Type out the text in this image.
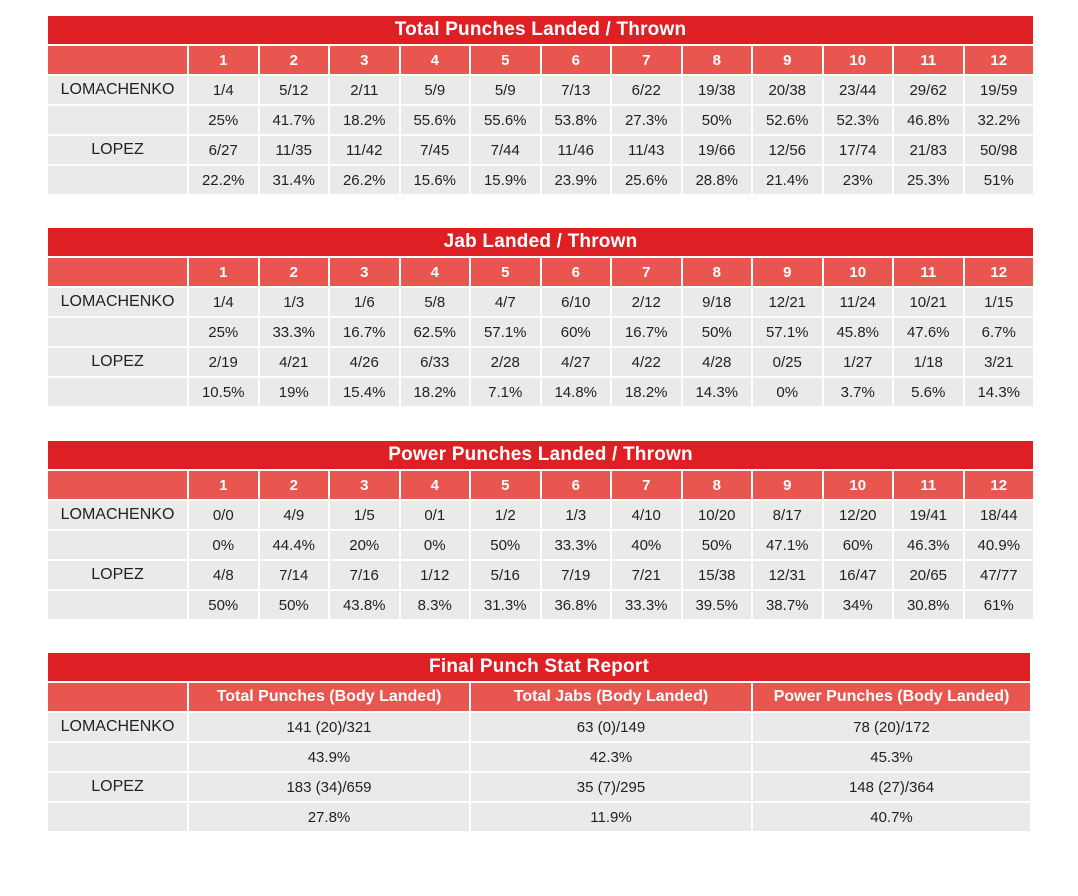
Total Punches Landed / Thrown												
	1	2	3	4	5	6	7	8	9	10	11	12
LOMACHENKO	1/4	5/12	2/11	5/9	5/9	7/13	6/22	19/38	20/38	23/44	29/62	19/59
	25%	41.7%	18.2%	55.6%	55.6%	53.8%	27.3%	50%	52.6%	52.3%	46.8%	32.2%
LOPEZ	6/27	11/35	11/42	7/45	7/44	11/46	11/43	19/66	12/56	17/74	21/83	50/98
	22.2%	31.4%	26.2%	15.6%	15.9%	23.9%	25.6%	28.8%	21.4%	23%	25.3%	51%
Jab Landed / Thrown												
	1	2	3	4	5	6	7	8	9	10	11	12
LOMACHENKO	1/4	1/3	1/6	5/8	4/7	6/10	2/12	9/18	12/21	11/24	10/21	1/15
	25%	33.3%	16.7%	62.5%	57.1%	60%	16.7%	50%	57.1%	45.8%	47.6%	6.7%
LOPEZ	2/19	4/21	4/26	6/33	2/28	4/27	4/22	4/28	0/25	1/27	1/18	3/21
	10.5%	19%	15.4%	18.2%	7.1%	14.8%	18.2%	14.3%	0%	3.7%	5.6%	14.3%
Power Punches Landed / Thrown												
	1	2	3	4	5	6	7	8	9	10	11	12
LOMACHENKO	0/0	4/9	1/5	0/1	1/2	1/3	4/10	10/20	8/17	12/20	19/41	18/44
	0%	44.4%	20%	0%	50%	33.3%	40%	50%	47.1%	60%	46.3%	40.9%
LOPEZ	4/8	7/14	7/16	1/12	5/16	7/19	7/21	15/38	12/31	16/47	20/65	47/77
	50%	50%	43.8%	8.3%	31.3%	36.8%	33.3%	39.5%	38.7%	34%	30.8%	61%
Final Punch Stat Report			
	Total Punches (Body Landed)	Total Jabs (Body Landed)	Power Punches (Body Landed)
LOMACHENKO	141 (20)/321	63 (0)/149	78 (20)/172
	43.9%	42.3%	45.3%
LOPEZ	183 (34)/659	35 (7)/295	148 (27)/364
	27.8%	11.9%	40.7%
